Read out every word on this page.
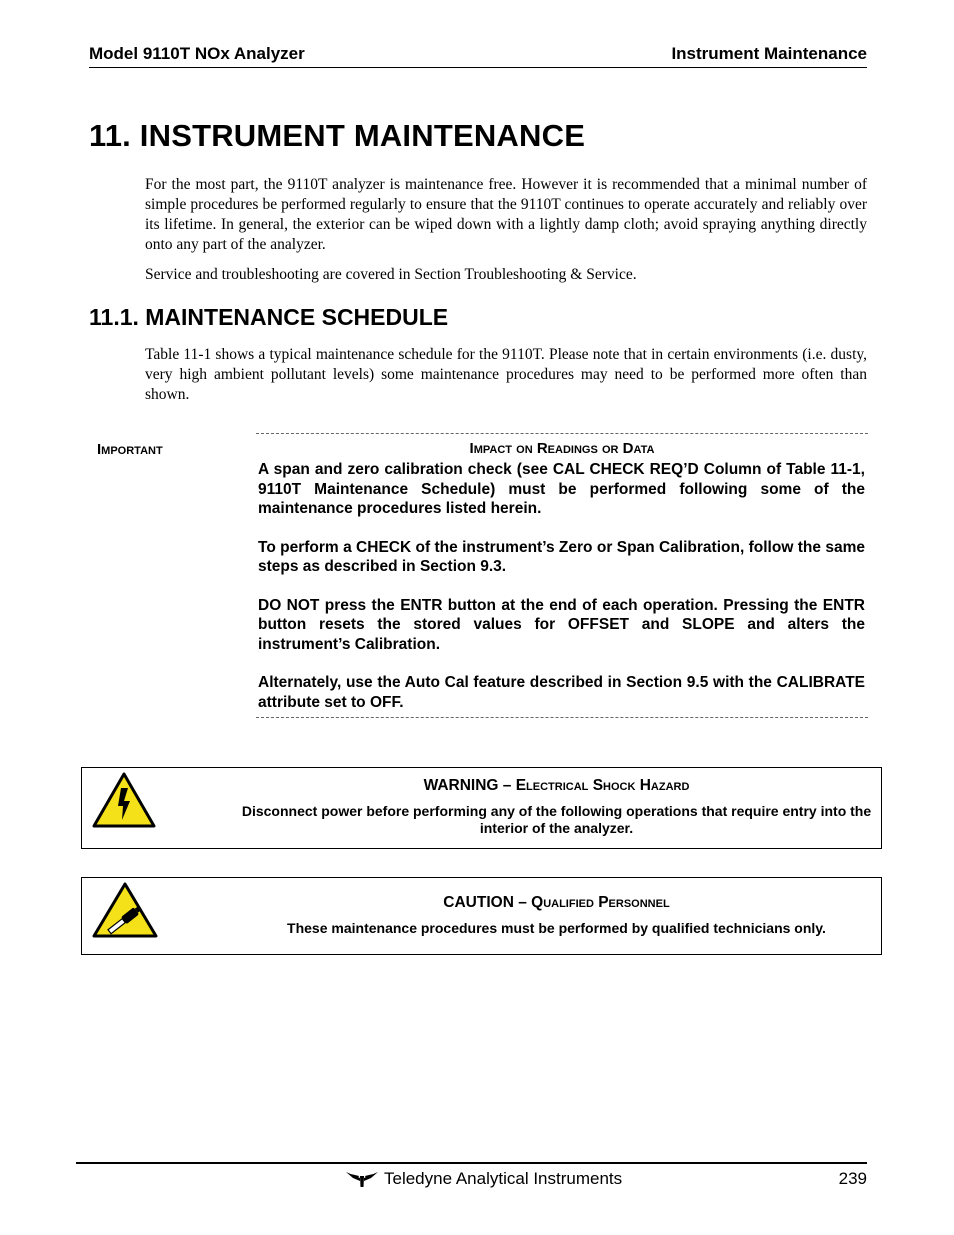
Model 9110T NOx Analyzer	Instrument Maintenance
11. INSTRUMENT MAINTENANCE
For the most part, the 9110T analyzer is maintenance free. However it is recommended that a minimal number of simple procedures be performed regularly to ensure that the 9110T continues to operate accurately and reliably over its lifetime. In general, the exterior can be wiped down with a lightly damp cloth; avoid spraying anything directly onto any part of the analyzer.
Service and troubleshooting are covered in Section Troubleshooting & Service.
11.1. MAINTENANCE SCHEDULE
Table 11-1 shows a typical maintenance schedule for the 9110T. Please note that in certain environments (i.e. dusty, very high ambient pollutant levels) some maintenance procedures may need to be performed more often than shown.
Important	Impact on Readings or Data

A span and zero calibration check (see CAL CHECK REQ’D Column of Table 11-1, 9110T Maintenance Schedule) must be performed following some of the maintenance procedures listed herein.

To perform a CHECK of the instrument’s Zero or Span Calibration, follow the same steps as described in Section 9.3.

DO NOT press the ENTR button at the end of each operation. Pressing the ENTR button resets the stored values for OFFSET and SLOPE and alters the instrument’s Calibration.

Alternately, use the Auto Cal feature described in Section 9.5 with the CALIBRATE attribute set to OFF.

WARNING – Electrical Shock Hazard
Disconnect power before performing any of the following operations that require entry into the interior of the analyzer.
CAUTION – Qualified Personnel
These maintenance procedures must be performed by qualified technicians only.
Teledyne Analytical Instruments	239
